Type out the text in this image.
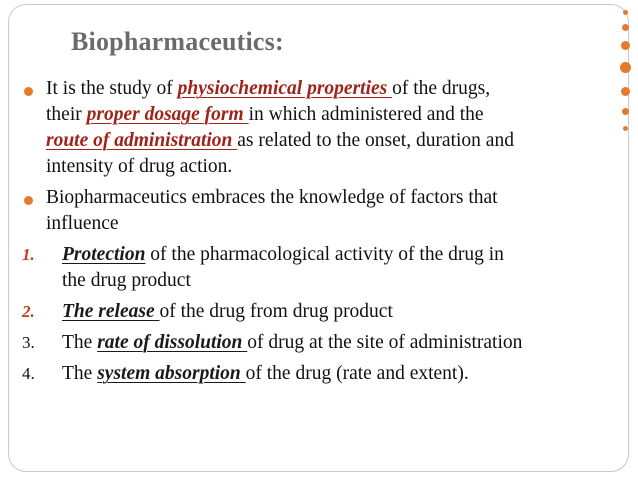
Biopharmaceutics:
It is the study of physiochemical properties of the drugs,
their proper dosage form in which administered and the
route of administration as related to the onset, duration and
intensity of drug action.
Biopharmaceutics embraces the knowledge of factors that
influence
1.	Protection of the pharmacological activity of the drug in
the drug product
2.	The release of the drug from drug product
3.	The rate of dissolution of drug at the site of administration
4.	The system absorption of the drug (rate and extent).
